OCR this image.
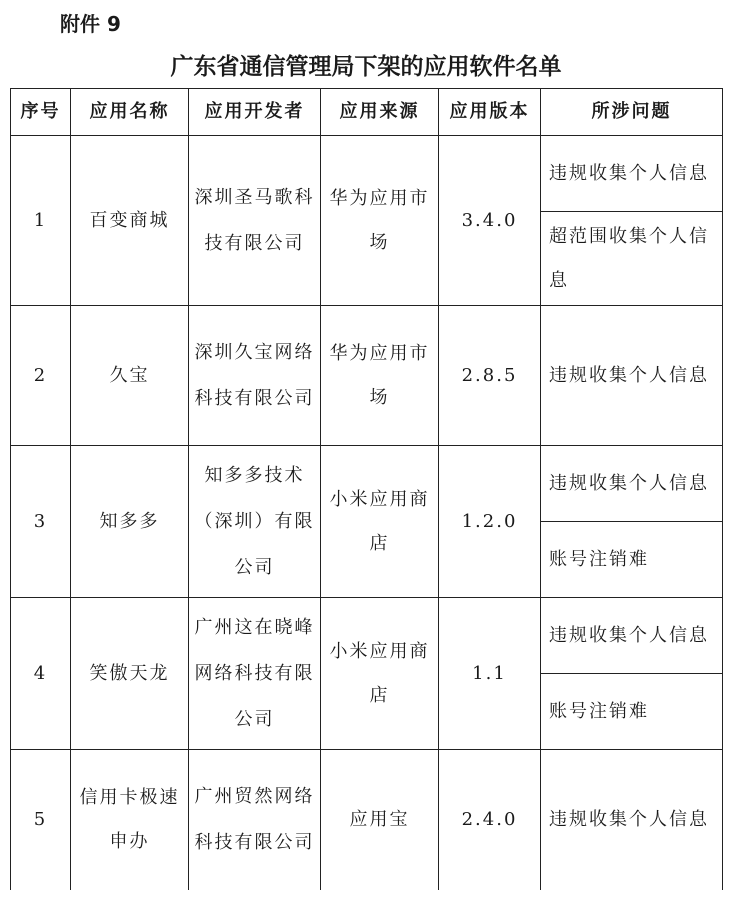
附件 9
广东省通信管理局下架的应用软件名单
序号	应用名称	应用开发者	应用来源	应用版本	所涉问题
1	百变商城	深圳圣马歌科技有限公司	华为应用市场	3.4.0	违规收集个人信息
					超范围收集个人信息
2	久宝	深圳久宝网络科技有限公司	华为应用市场	2.8.5	违规收集个人信息
3	知多多	知多多技术（深圳）有限公司	小米应用商店	1.2.0	违规收集个人信息
					账号注销难
4	笑傲天龙	广州这在晓峰网络科技有限公司	小米应用商店	1.1	违规收集个人信息
					账号注销难
5	信用卡极速申办	广州贸然网络科技有限公司	应用宝	2.4.0	违规收集个人信息
